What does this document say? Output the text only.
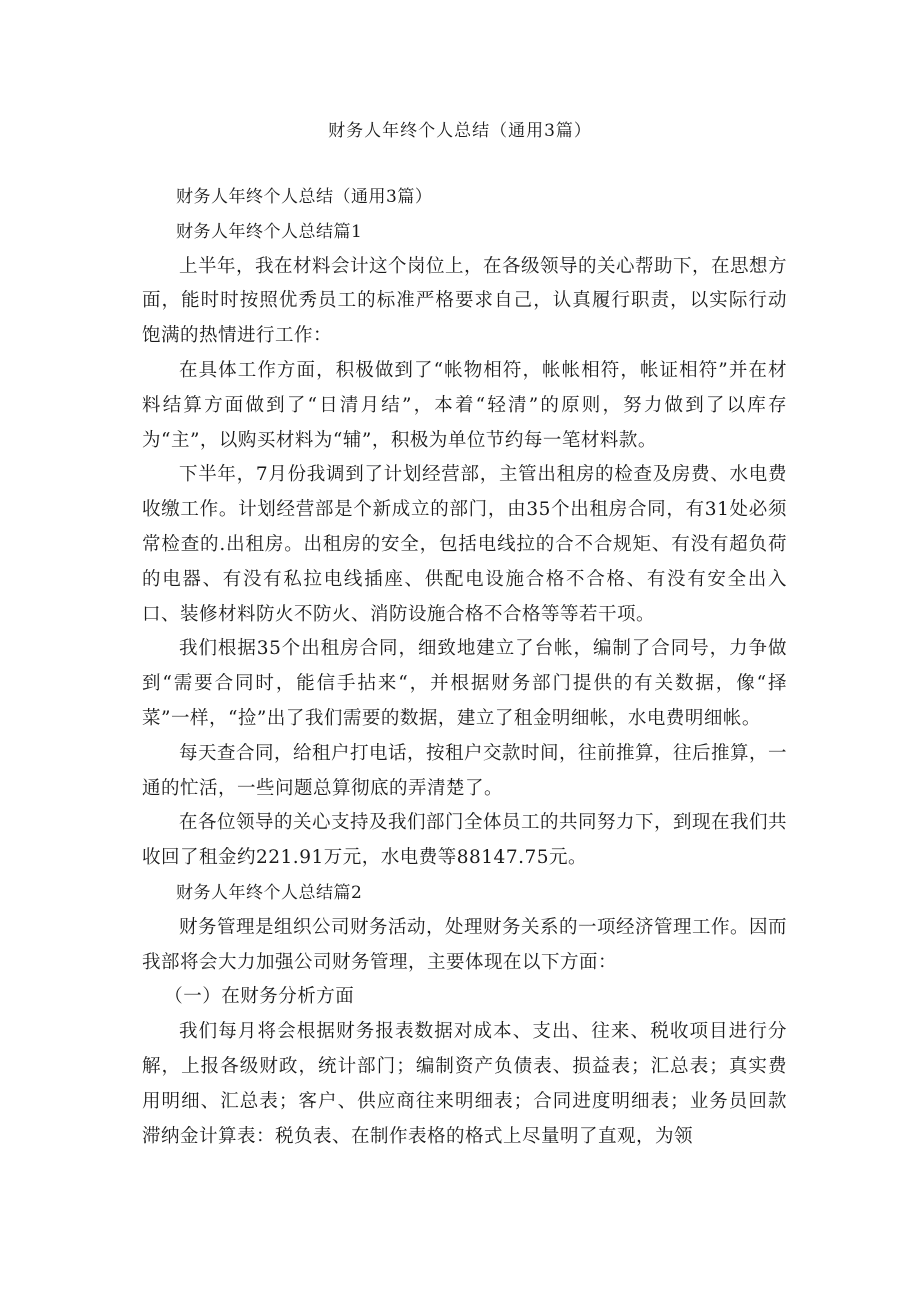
财务人年终个人总结（通用3篇）

财务人年终个人总结（通用3篇）

财务人年终个人总结篇1

上半年，我在材料会计这个岗位上，在各级领导的关心帮助下，在思想方面，能时时按照优秀员工的标准严格要求自己，认真履行职责，以实际行动饱满的热情进行工作：

在具体工作方面，积极做到了“帐物相符，帐帐相符，帐证相符”并在材料结算方面做到了“日清月结”，本着“轻清”的原则，努力做到了以库存为“主”，以购买材料为“辅”，积极为单位节约每一笔材料款。

下半年，7月份我调到了计划经营部，主管出租房的检查及房费、水电费收缴工作。计划经营部是个新成立的部门，由35个出租房合同，有31处必须常检查的.出租房。出租房的安全，包括电线拉的合不合规矩、有没有超负荷的电器、有没有私拉电线插座、供配电设施合格不合格、有没有安全出入口、装修材料防火不防火、消防设施合格不合格等等若干项。

我们根据35个出租房合同，细致地建立了台帐，编制了合同号，力争做到“需要合同时，能信手拈来“，并根据财务部门提供的有关数据，像“择菜”一样，“捡”出了我们需要的数据，建立了租金明细帐，水电费明细帐。

每天查合同，给租户打电话，按租户交款时间，往前推算，往后推算，一通的忙活，一些问题总算彻底的弄清楚了。

在各位领导的关心支持及我们部门全体员工的共同努力下，到现在我们共收回了租金约221.91万元，水电费等88147.75元。

财务人年终个人总结篇2

财务管理是组织公司财务活动，处理财务关系的一项经济管理工作。因而我部将会大力加强公司财务管理，主要体现在以下方面：

（一）在财务分析方面

我们每月将会根据财务报表数据对成本、支出、往来、税收项目进行分解，上报各级财政，统计部门；编制资产负债表、损益表；汇总表；真实费用明细、汇总表；客户、供应商往来明细表；合同进度明细表；业务员回款滞纳金计算表：税负表、在制作表格的格式上尽量明了直观，为领
